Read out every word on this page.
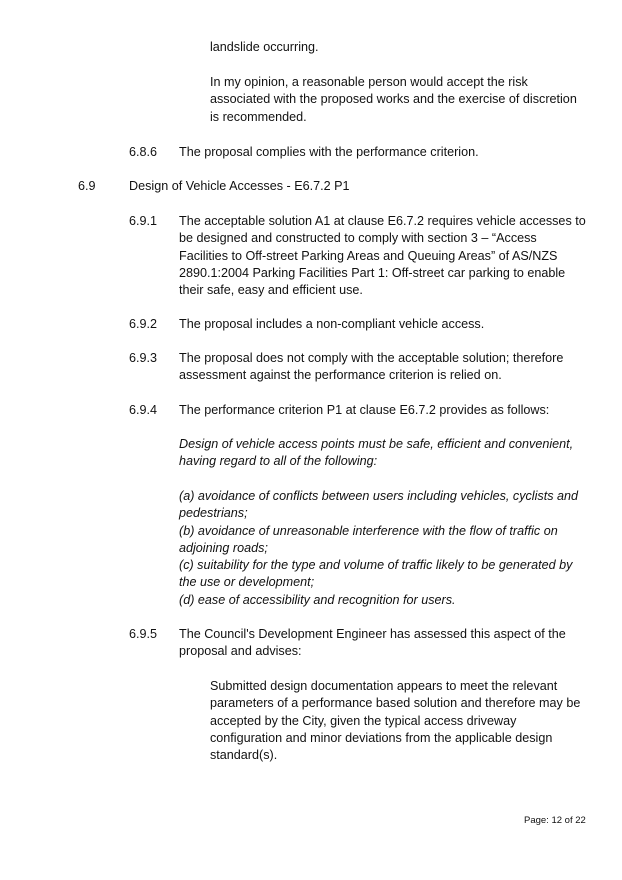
landslide occurring.
In my opinion, a reasonable person would accept the risk
associated with the proposed works and the exercise of discretion
is recommended.
6.8.6 The proposal complies with the performance criterion.
6.9	Design of Vehicle Accesses - E6.7.2 P1
6.9.1 The acceptable solution A1 at clause E6.7.2 requires vehicle accesses to
be designed and constructed to comply with section 3 – “Access
Facilities to Off-street Parking Areas and Queuing Areas” of AS/NZS
2890.1:2004 Parking Facilities Part 1: Off-street car parking to enable
their safe, easy and efficient use.
6.9.2 The proposal includes a non-compliant vehicle access.
6.9.3 The proposal does not comply with the acceptable solution; therefore
assessment against the performance criterion is relied on.
6.9.4 The performance criterion P1 at clause E6.7.2 provides as follows:
Design of vehicle access points must be safe, efficient and convenient,
having regard to all of the following:
(a) avoidance of conflicts between users including vehicles, cyclists and
pedestrians;
(b) avoidance of unreasonable interference with the flow of traffic on
adjoining roads;
(c) suitability for the type and volume of traffic likely to be generated by
the use or development;
(d) ease of accessibility and recognition for users.
6.9.5 The Council's Development Engineer has assessed this aspect of the
proposal and advises:
Submitted design documentation appears to meet the relevant
parameters of a performance based solution and therefore may be
accepted by the City, given the typical access driveway
configuration and minor deviations from the applicable design
standard(s).
Page: 12 of 22
